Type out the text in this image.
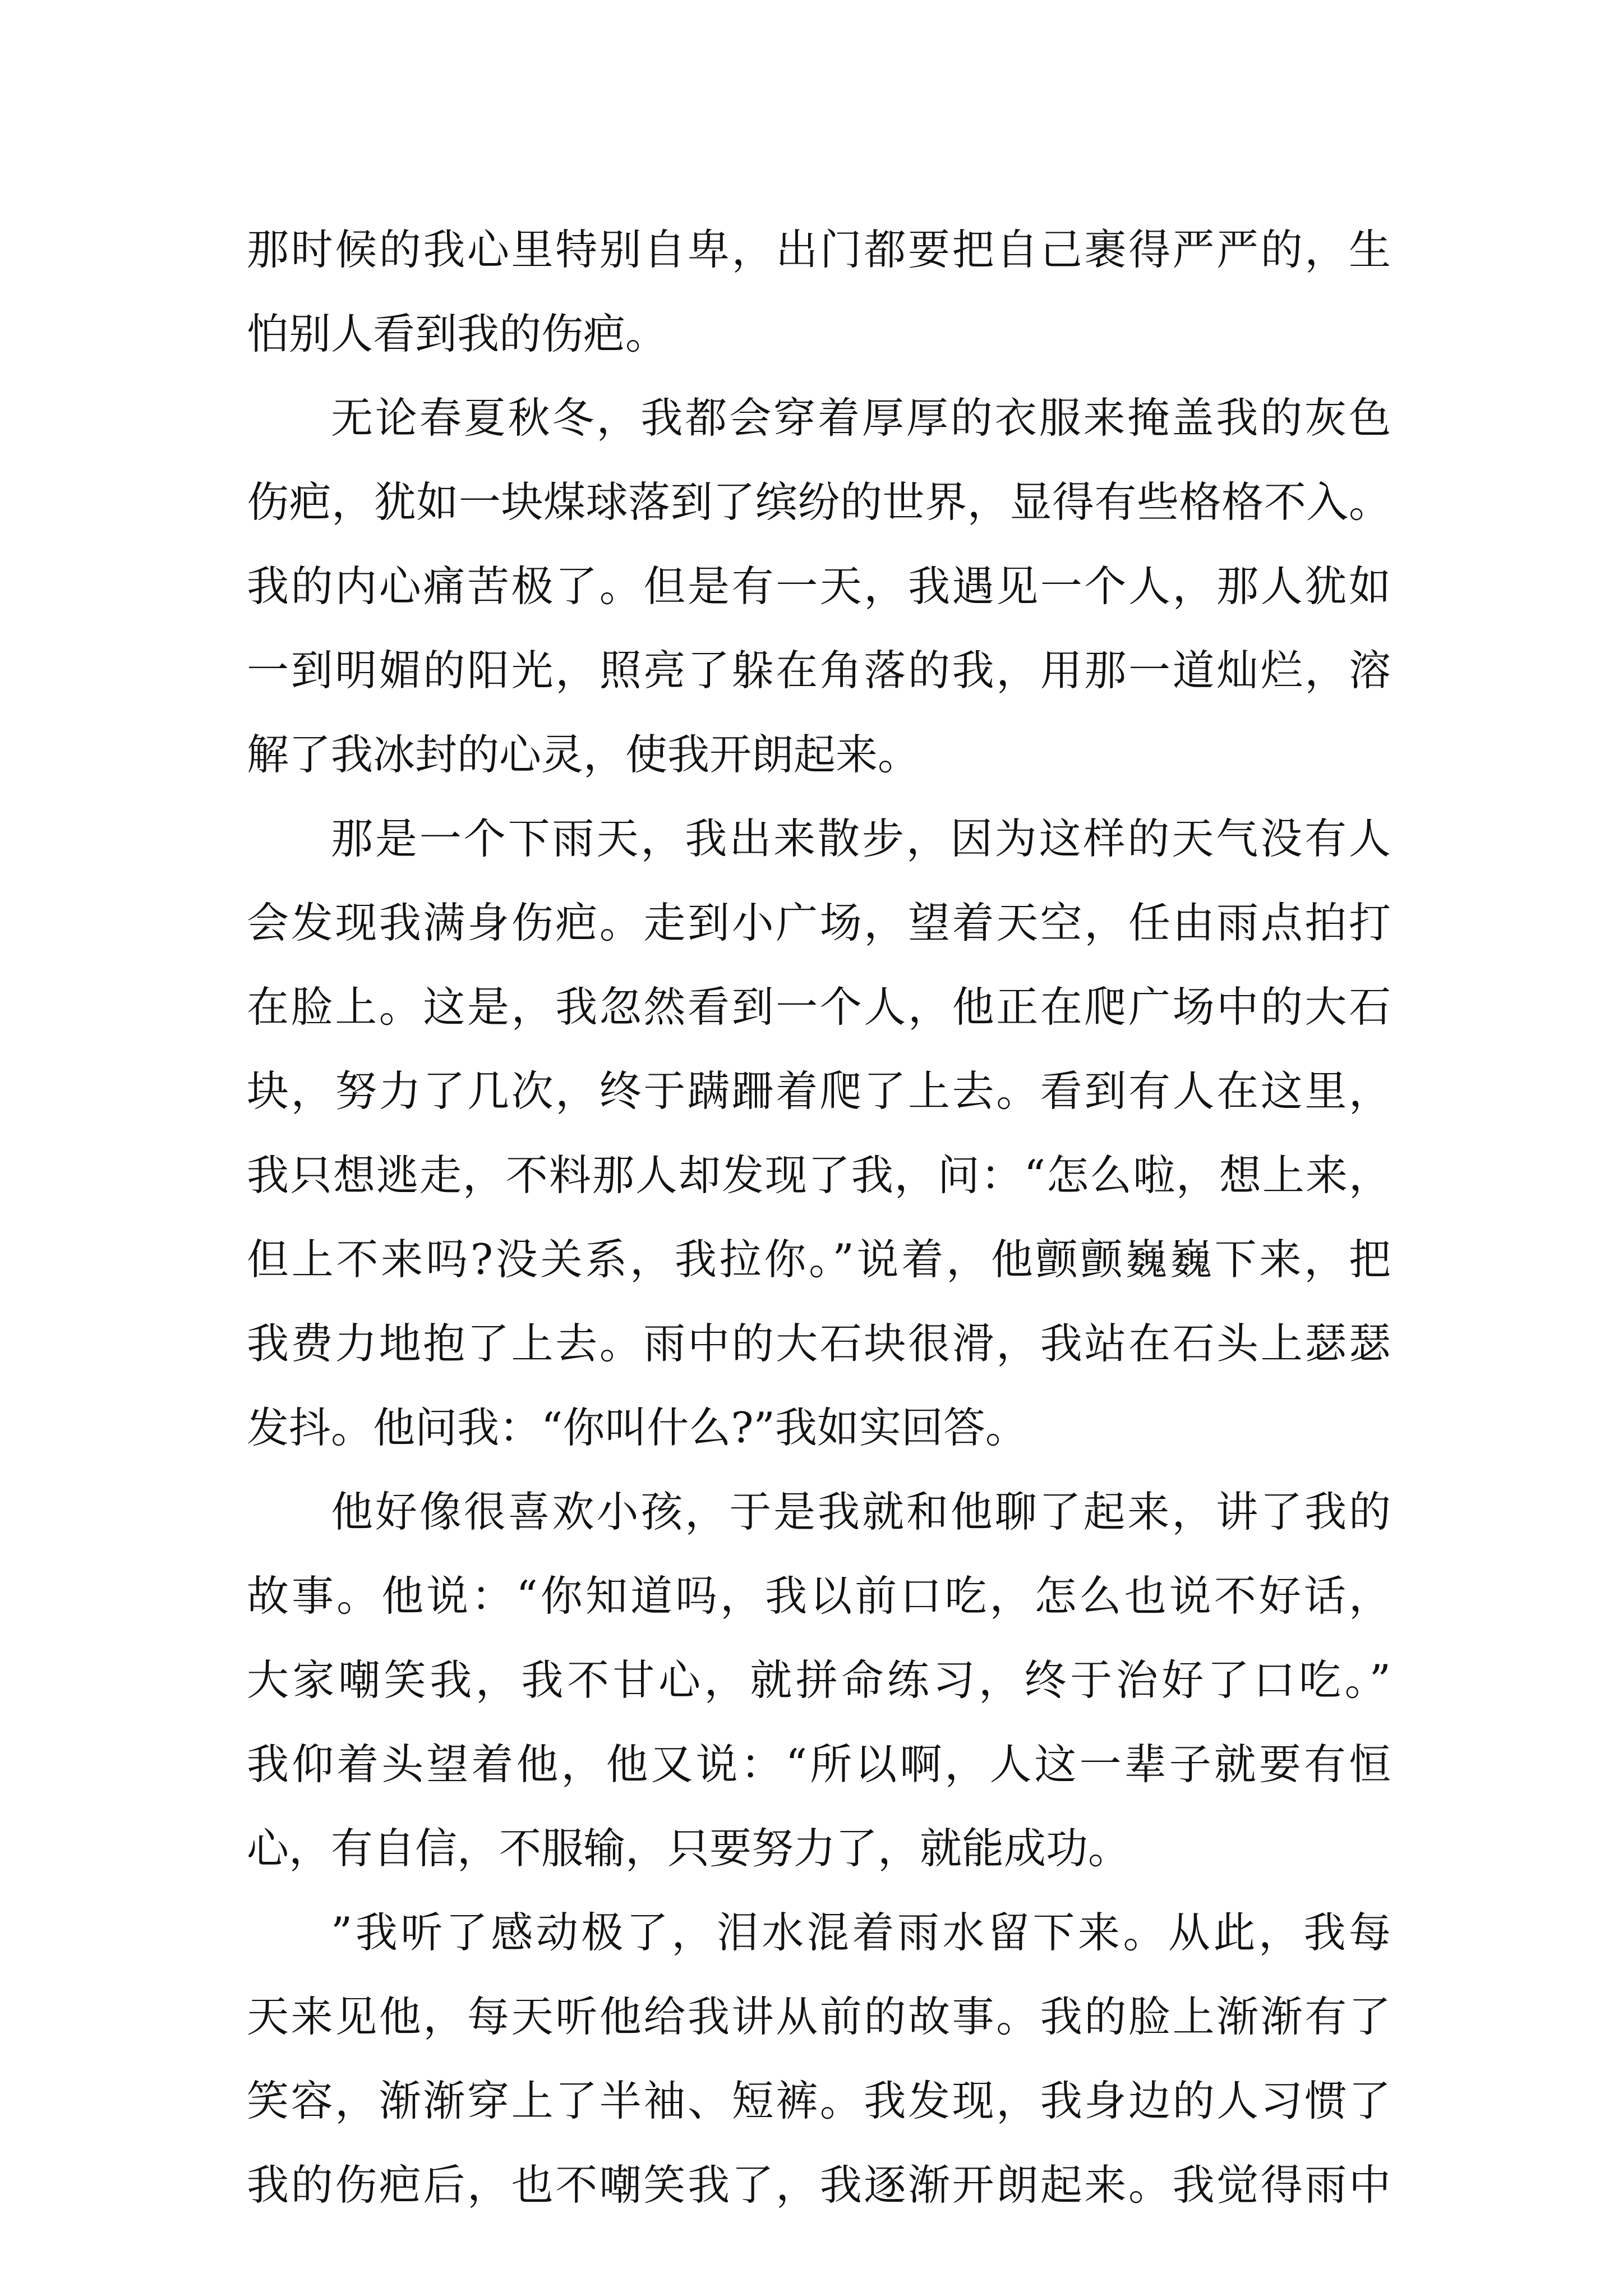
那时候的我心里特别自卑，出门都要把自己裹得严严的，生
怕别人看到我的伤疤。
无论春夏秋冬，我都会穿着厚厚的衣服来掩盖我的灰色
伤疤，犹如一块煤球落到了缤纷的世界，显得有些格格不入。
我的内心痛苦极了。但是有一天，我遇见一个人，那人犹如
一到明媚的阳光，照亮了躲在角落的我，用那一道灿烂，溶
解了我冰封的心灵，使我开朗起来。
那是一个下雨天，我出来散步，因为这样的天气没有人
会发现我满身伤疤。走到小广场，望着天空，任由雨点拍打
在脸上。这是，我忽然看到一个人，他正在爬广场中的大石
块，努力了几次，终于蹒跚着爬了上去。看到有人在这里，
我只想逃走，不料那人却发现了我，问：“怎么啦，想上来，
但上不来吗?没关系，我拉你。”说着，他颤颤巍巍下来，把
我费力地抱了上去。雨中的大石块很滑，我站在石头上瑟瑟
发抖。他问我：“你叫什么?”我如实回答。
他好像很喜欢小孩，于是我就和他聊了起来，讲了我的
故事。他说：“你知道吗，我以前口吃，怎么也说不好话，
大家嘲笑我，我不甘心，就拼命练习，终于治好了口吃。”
我仰着头望着他，他又说：“所以啊，人这一辈子就要有恒
心，有自信，不服输，只要努力了，就能成功。
”我听了感动极了，泪水混着雨水留下来。从此，我每
天来见他，每天听他给我讲从前的故事。我的脸上渐渐有了
笑容，渐渐穿上了半袖、短裤。我发现，我身边的人习惯了
我的伤疤后，也不嘲笑我了，我逐渐开朗起来。我觉得雨中
